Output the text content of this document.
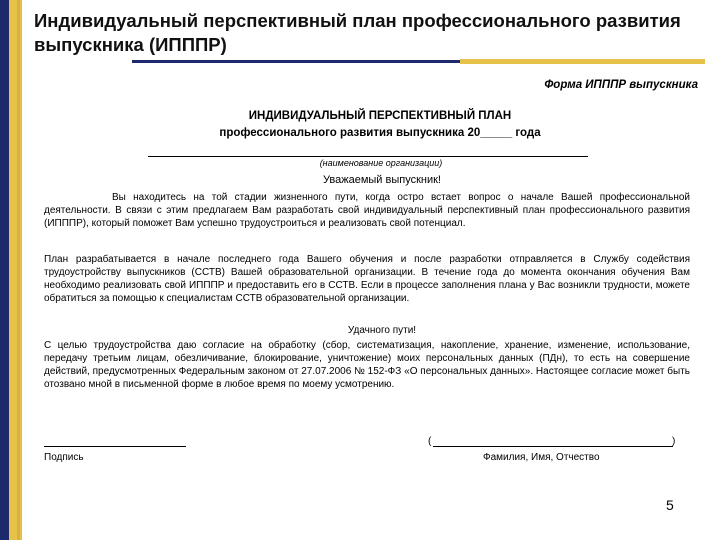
Индивидуальный перспективный план профессионального развития выпускника (ИПППР)
Форма ИПППР выпускника
ИНДИВИДУАЛЬНЫЙ ПЕРСПЕКТИВНЫЙ ПЛАН
профессионального развития выпускника 20_____ года
(наименование организации)
Уважаемый выпускник!
Вы находитесь на той стадии жизненного пути, когда остро встает вопрос о начале Вашей профессиональной деятельности. В связи с этим предлагаем Вам разработать свой индивидуальный перспективный план профессионального развития (ИПППР), который поможет Вам успешно трудоустроиться и реализовать свой потенциал.
План разрабатывается в начале последнего года Вашего обучения и после разработки отправляется в Службу содействия трудоустройству выпускников (ССТВ) Вашей образовательной организации. В течение года до момента окончания обучения Вам необходимо реализовать свой ИПППР и предоставить его в ССТВ. Если в процессе заполнения плана у Вас возникли трудности, можете обратиться за помощью к специалистам ССТВ образовательной организации.
Удачного пути!
С целью трудоустройства даю согласие на обработку (сбор, систематизация, накопление, хранение, изменение, использование, передачу третьим лицам, обезличивание, блокирование, уничтожение) моих персональных данных (ПДн), то есть на совершение действий, предусмотренных Федеральным законом от 27.07.2006 № 152-ФЗ «О персональных данных». Настоящее согласие может быть отозвано мной в письменной форме в любое время по моему усмотрению.
Подпись
(	)
Фамилия, Имя, Отчество
5
